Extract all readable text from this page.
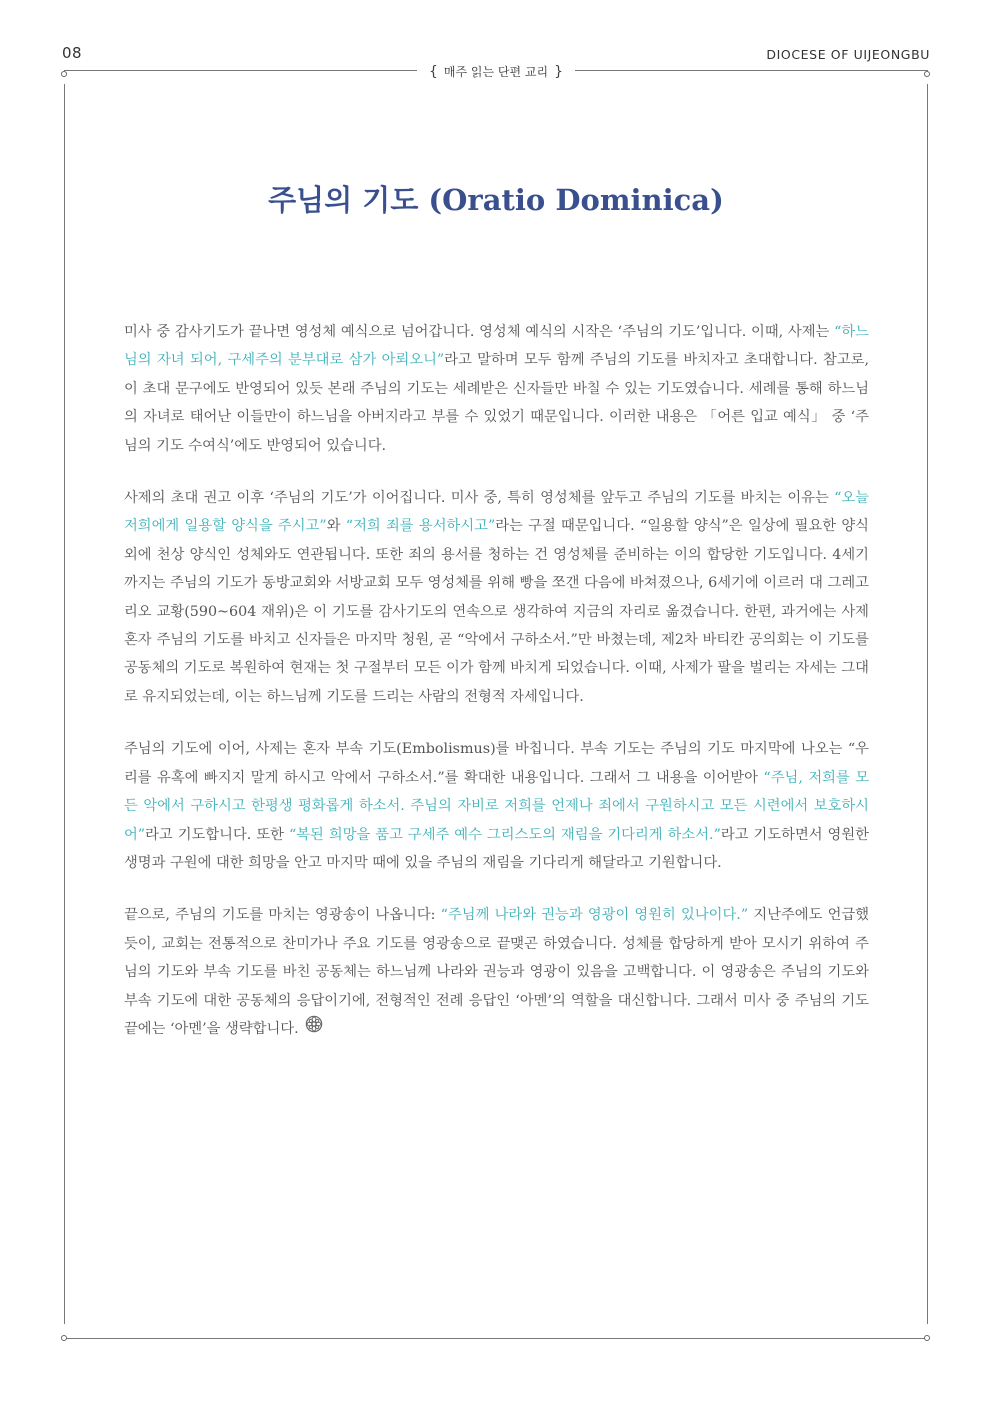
08	DIOCESE OF UIJEONGBU
{ 매주 읽는 단편 교리 }
주님의 기도 (Oratio Dominica)

미사 중 감사기도가 끝나면 영성체 예식으로 넘어갑니다. 영성체 예식의 시작은 ‘주님의 기도’입니다. 이때, 사제는 “하느님의 자녀 되어, 구세주의 분부대로 삼가 아뢰오니”라고 말하며 모두 함께 주님의 기도를 바치자고 초대합니다. 참고로, 이 초대 문구에도 반영되어 있듯 본래 주님의 기도는 세례받은 신자들만 바칠 수 있는 기도였습니다. 세례를 통해 하느님의 자녀로 태어난 이들만이 하느님을 아버지라고 부를 수 있었기 때문입니다. 이러한 내용은 「어른 입교 예식」 중 ‘주님의 기도 수여식’에도 반영되어 있습니다.

사제의 초대 권고 이후 ‘주님의 기도’가 이어집니다. 미사 중, 특히 영성체를 앞두고 주님의 기도를 바치는 이유는 “오늘 저희에게 일용할 양식을 주시고”와 “저희 죄를 용서하시고”라는 구절 때문입니다. “일용할 양식”은 일상에 필요한 양식 외에 천상 양식인 성체와도 연관됩니다. 또한 죄의 용서를 청하는 건 영성체를 준비하는 이의 합당한 기도입니다. 4세기까지는 주님의 기도가 동방교회와 서방교회 모두 영성체를 위해 빵을 쪼갠 다음에 바쳐졌으나, 6세기에 이르러 대 그레고리오 교황(590~604 재위)은 이 기도를 감사기도의 연속으로 생각하여 지금의 자리로 옮겼습니다. 한편, 과거에는 사제 혼자 주님의 기도를 바치고 신자들은 마지막 청원, 곧 “악에서 구하소서.”만 바쳤는데, 제2차 바티칸 공의회는 이 기도를 공동체의 기도로 복원하여 현재는 첫 구절부터 모든 이가 함께 바치게 되었습니다. 이때, 사제가 팔을 벌리는 자세는 그대로 유지되었는데, 이는 하느님께 기도를 드리는 사람의 전형적 자세입니다.

주님의 기도에 이어, 사제는 혼자 부속 기도(Embolismus)를 바칩니다. 부속 기도는 주님의 기도 마지막에 나오는 “우리를 유혹에 빠지지 말게 하시고 악에서 구하소서.”를 확대한 내용입니다. 그래서 그 내용을 이어받아 “주님, 저희를 모든 악에서 구하시고 한평생 평화롭게 하소서. 주님의 자비로 저희를 언제나 죄에서 구원하시고 모든 시련에서 보호하시어”라고 기도합니다. 또한 “복된 희망을 품고 구세주 예수 그리스도의 재림을 기다리게 하소서.”라고 기도하면서 영원한 생명과 구원에 대한 희망을 안고 마지막 때에 있을 주님의 재림을 기다리게 해달라고 기원합니다.

끝으로, 주님의 기도를 마치는 영광송이 나옵니다: “주님께 나라와 권능과 영광이 영원히 있나이다.” 지난주에도 언급했듯이, 교회는 전통적으로 찬미가나 주요 기도를 영광송으로 끝맺곤 하였습니다. 성체를 합당하게 받아 모시기 위하여 주님의 기도와 부속 기도를 바친 공동체는 하느님께 나라와 권능과 영광이 있음을 고백합니다. 이 영광송은 주님의 기도와 부속 기도에 대한 공동체의 응답이기에, 전형적인 전례 응답인 ‘아멘’의 역할을 대신합니다. 그래서 미사 중 주님의 기도 끝에는 ‘아멘’을 생략합니다.
